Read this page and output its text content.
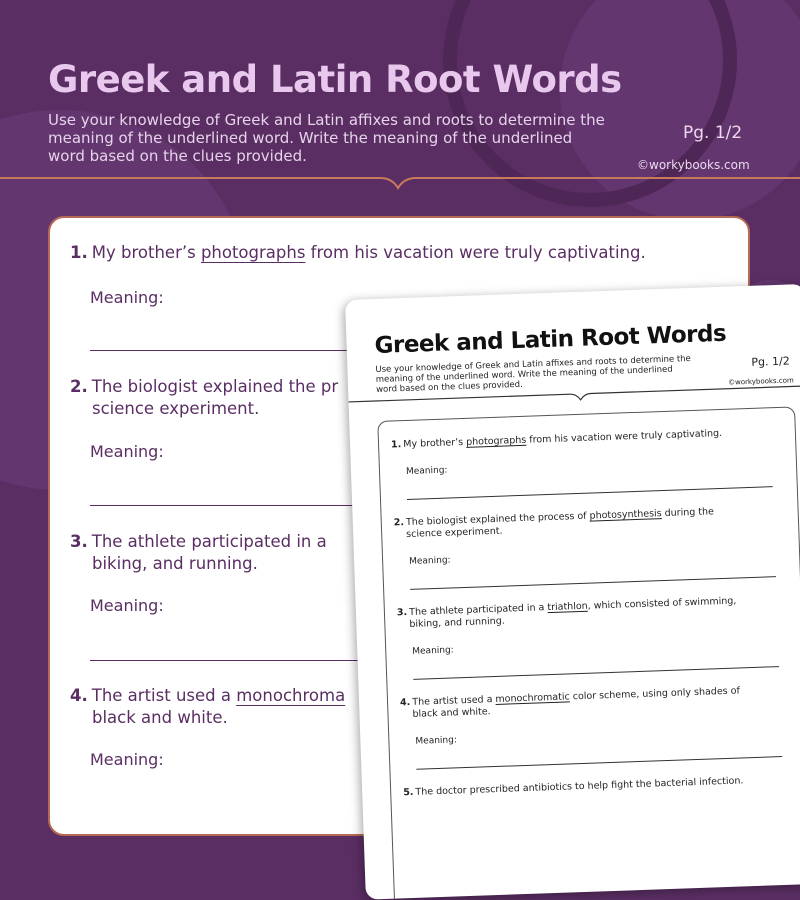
Greek and Latin Root Words

Use your knowledge of Greek and Latin affixes and roots to determine the meaning of the underlined word. Write the meaning of the underlined word based on the clues provided.

Pg. 1/2
©workybooks.com
1. My brother’s photographs from his vacation were truly captivating.
Meaning:
2. The biologist explained the pr
science experiment.
Meaning:
3. The athlete participated in a
biking, and running.
Meaning:
4. The artist used a monochroma
black and white.
Meaning:
Greek and Latin Root Words

Use your knowledge of Greek and Latin affixes and roots to determine the meaning of the underlined word. Write the meaning of the underlined word based on the clues provided.

Pg. 1/2
©workybooks.com
1. My brother’s photographs from his vacation were truly captivating.
Meaning:
2. The biologist explained the process of photosynthesis during the
science experiment.
Meaning:
3. The athlete participated in a triathlon, which consisted of swimming,
biking, and running.
Meaning:
4. The artist used a monochromatic color scheme, using only shades of
black and white.
Meaning:
5. The doctor prescribed antibiotics to help fight the bacterial infection.
